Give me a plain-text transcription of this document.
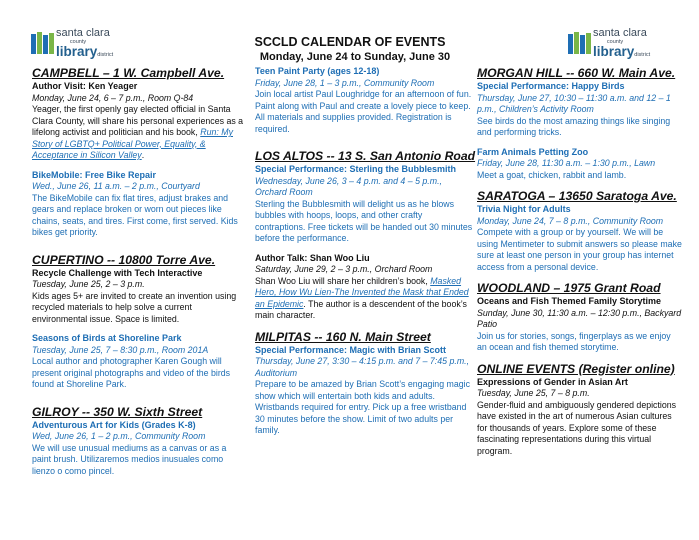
santa clara
county
librarydistrict
santa clara
county
librarydistrict
SCCLD CALENDAR OF EVENTS
Monday, June 24 to Sunday, June 30
CAMPBELL – 1 W. Campbell Ave.
Author Visit: Ken Yeager
Monday, June 24, 6 – 7 p.m., Room Q-84
Yeager, the first openly gay elected official in Santa Clara County, will share his personal experiences as a lifelong activist and politician and his book, Run: My Story of LGBTQ+ Political Power, Equality, & Acceptance in Silicon Valley.
BikeMobile: Free Bike Repair
Wed., June 26, 11 a.m. – 2 p.m., Courtyard
The BikeMobile can fix flat tires, adjust brakes and gears and replace broken or worn out pieces like chains, seats, and tires. First come, first served. Kids bikes get priority.
CUPERTINO -- 10800 Torre Ave.
Recycle Challenge with Tech Interactive
Tuesday, June 25, 2 – 3 p.m.
Kids ages 5+ are invited to create an invention using recycled materials to help solve a current environmental issue. Space is limited.
Seasons of Birds at Shoreline Park
Tuesday, June 25, 7 – 8:30 p.m., Room 201A
Local author and photographer Karen Gough will present original photographs and video of the birds found at Shoreline Park.
GILROY -- 350 W. Sixth Street
Adventurous Art for Kids (Grades K-8)
Wed, June 26, 1 – 2 p.m., Community Room
We will use unusual mediums as a canvas or as a paint brush. Utilizaremos medios inusuales como lienzo o como pincel.
Teen Paint Party (ages 12-18)
Friday, June 28, 1 – 3 p.m., Community Room
Join local artist Paul Loughridge for an afternoon of fun. Paint along with Paul and create a lovely piece to keep. All materials and supplies provided. Registration is required.
LOS ALTOS -- 13 S. San Antonio Road
Special Performance: Sterling the Bubblesmith
Wednesday, June 26, 3 – 4 p.m. and 4 – 5 p.m., Orchard Room
Sterling the Bubblesmith will delight us as he blows bubbles with hoops, loops, and other crafty contraptions. Free tickets will be handed out 30 minutes before the performance.
Author Talk: Shan Woo Liu
Saturday, June 29, 2 – 3 p.m., Orchard Room
Shan Woo Liu will share her children’s book, Masked Hero, How Wu Lien-The Invented the Mask that Ended an Epidemic. The author is a descendent of the book’s main character.
MILPITAS -- 160 N. Main Street
Special Performance: Magic with Brian Scott
Thursday, June 27, 3:30 – 4:15 p.m. and 7 – 7:45 p.m., Auditorium
Prepare to be amazed by Brian Scott’s engaging magic show which will entertain both kids and adults. Wristbands required for entry. Pick up a free wristband 30 minutes before the show. Limit of two adults per family.
MORGAN HILL -- 660 W. Main Ave.
Special Performance: Happy Birds
Thursday, June 27, 10:30 – 11:30 a.m. and 12 – 1 p.m., Children’s Activity Room
See birds do the most amazing things like singing and performing tricks.
Farm Animals Petting Zoo
Friday, June 28, 11:30 a.m. – 1:30 p.m., Lawn
Meet a goat, chicken, rabbit and lamb.
SARATOGA – 13650 Saratoga Ave.
Trivia Night for Adults
Monday, June 24, 7 – 8 p.m., Community Room
Compete with a group or by yourself. We will be using Mentimeter to submit answers so please make sure at least one person in your group has internet access from a personal device.
WOODLAND – 1975 Grant Road
Oceans and Fish Themed Family Storytime
Sunday, June 30, 11:30 a.m. – 12:30 p.m., Backyard Patio
Join us for stories, songs, fingerplays as we enjoy an ocean and fish themed storytime.
ONLINE EVENTS (Register online)
Expressions of Gender in Asian Art
Tuesday, June 25, 7 – 8 p.m.
Gender-fluid and ambiguously gendered depictions have existed in the art of numerous Asian cultures for thousands of years. Explore some of these fascinating representations during this virtual program.
